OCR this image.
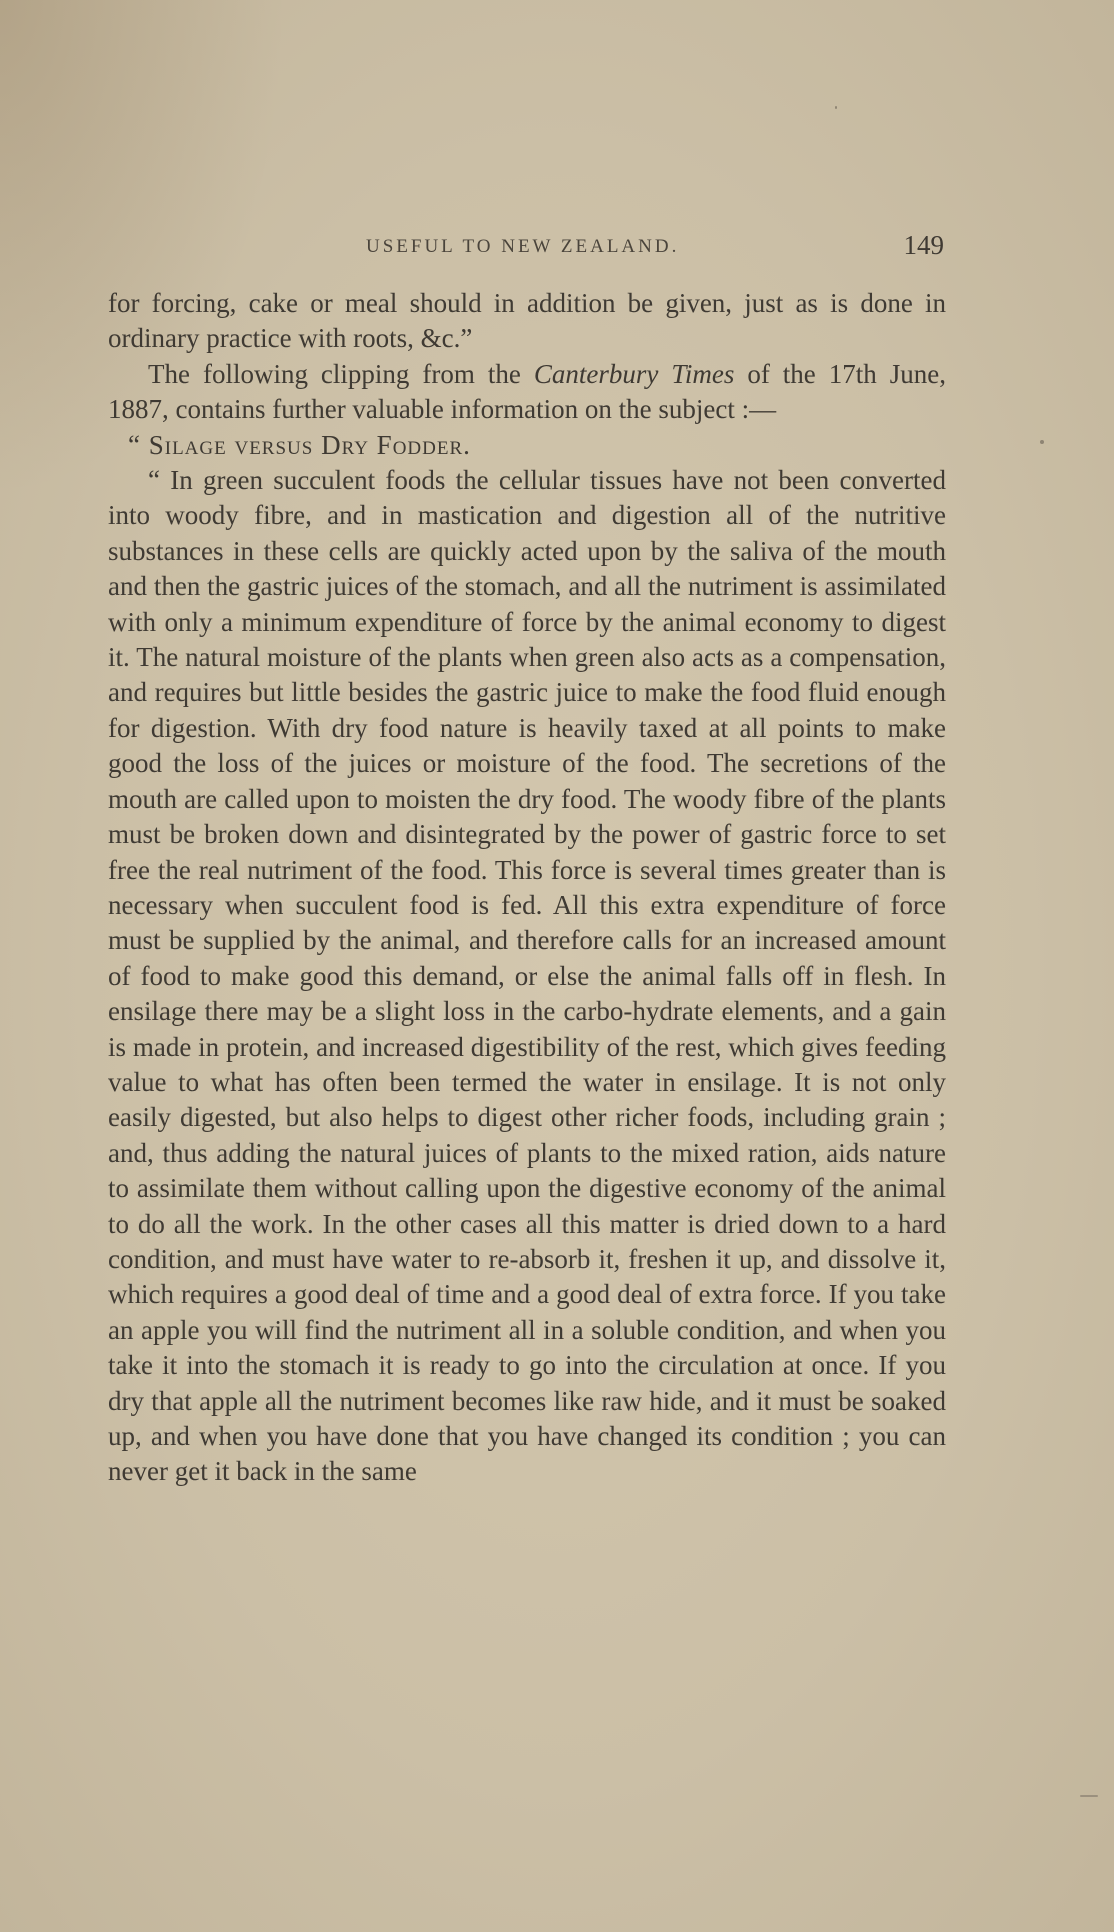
USEFUL TO NEW ZEALAND.	149

for forcing, cake or meal should in addition be given, just as is done in ordinary practice with roots, &c.”

The following clipping from the Canterbury Times of the 17th June, 1887, contains further valuable information on the subject :—

“ Silage versus Dry Fodder.

“ In green succulent foods the cellular tissues have not been converted into woody fibre, and in mastication and digestion all of the nutritive substances in these cells are quickly acted upon by the saliva of the mouth and then the gastric juices of the stomach, and all the nutriment is assimilated with only a minimum expenditure of force by the animal economy to digest it. The natural moisture of the plants when green also acts as a compensation, and requires but little besides the gastric juice to make the food fluid enough for digestion. With dry food nature is heavily taxed at all points to make good the loss of the juices or moisture of the food. The secretions of the mouth are called upon to moisten the dry food. The woody fibre of the plants must be broken down and disintegrated by the power of gastric force to set free the real nutriment of the food. This force is several times greater than is necessary when succulent food is fed. All this extra expenditure of force must be supplied by the animal, and therefore calls for an increased amount of food to make good this demand, or else the animal falls off in flesh. In ensilage there may be a slight loss in the carbo-hydrate elements, and a gain is made in protein, and increased digestibility of the rest, which gives feeding value to what has often been termed the water in ensilage. It is not only easily digested, but also helps to digest other richer foods, including grain ; and, thus adding the natural juices of plants to the mixed ration, aids nature to assimilate them without calling upon the digestive economy of the animal to do all the work. In the other cases all this matter is dried down to a hard condition, and must have water to re-absorb it, freshen it up, and dissolve it, which requires a good deal of time and a good deal of extra force. If you take an apple you will find the nutriment all in a soluble condition, and when you take it into the stomach it is ready to go into the circulation at once. If you dry that apple all the nutriment becomes like raw hide, and it must be soaked up, and when you have done that you have changed its condition ; you can never get it back in the same
